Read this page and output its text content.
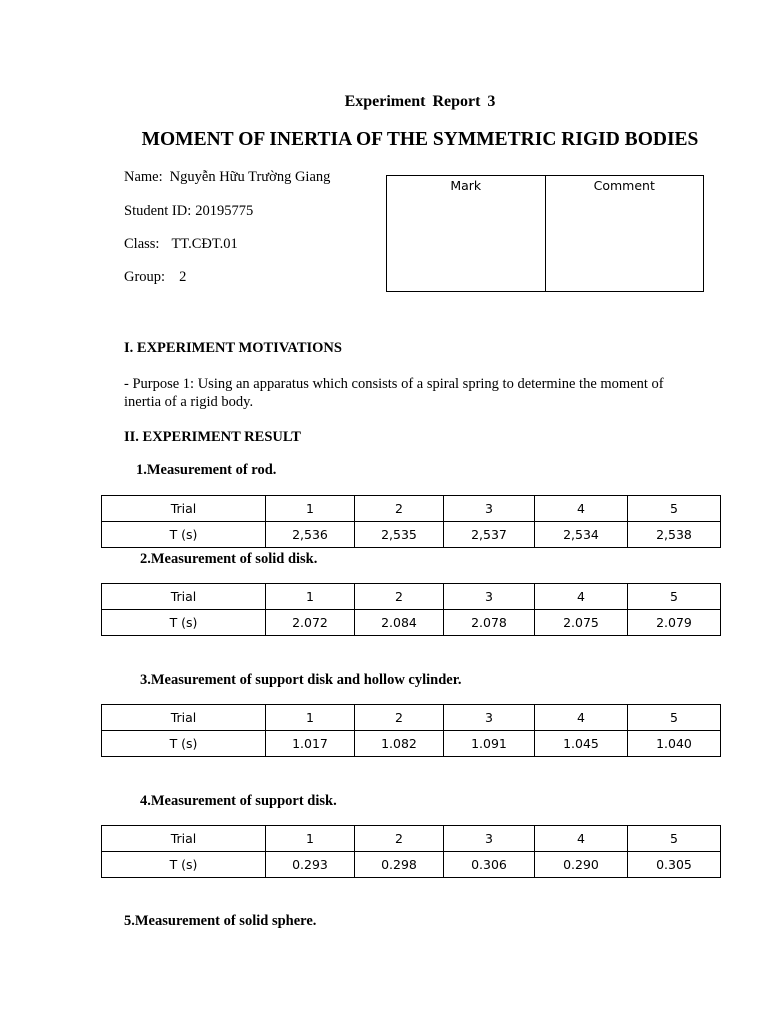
Experiment Report 3

MOMENT OF INERTIA OF THE SYMMETRIC RIGID BODIES

Name: Nguyễn Hữu Trường Giang

Student ID: 20195775

Class: TT.CĐT.01

Group: 2

Mark	Comment

I. EXPERIMENT MOTIVATIONS

- Purpose 1: Using an apparatus which consists of a spiral spring to determine the moment of inertia of a rigid body.

II. EXPERIMENT RESULT

1.Measurement of rod.

Trial	1	2	3	4	5
T (s)	2,536	2,535	2,537	2,534	2,538

2.Measurement of solid disk.

Trial	1	2	3	4	5
T (s)	2.072	2.084	2.078	2.075	2.079

3.Measurement of support disk and hollow cylinder.

Trial	1	2	3	4	5
T (s)	1.017	1.082	1.091	1.045	1.040

4.Measurement of support disk.

Trial	1	2	3	4	5
T (s)	0.293	0.298	0.306	0.290	0.305

5.Measurement of solid sphere.
